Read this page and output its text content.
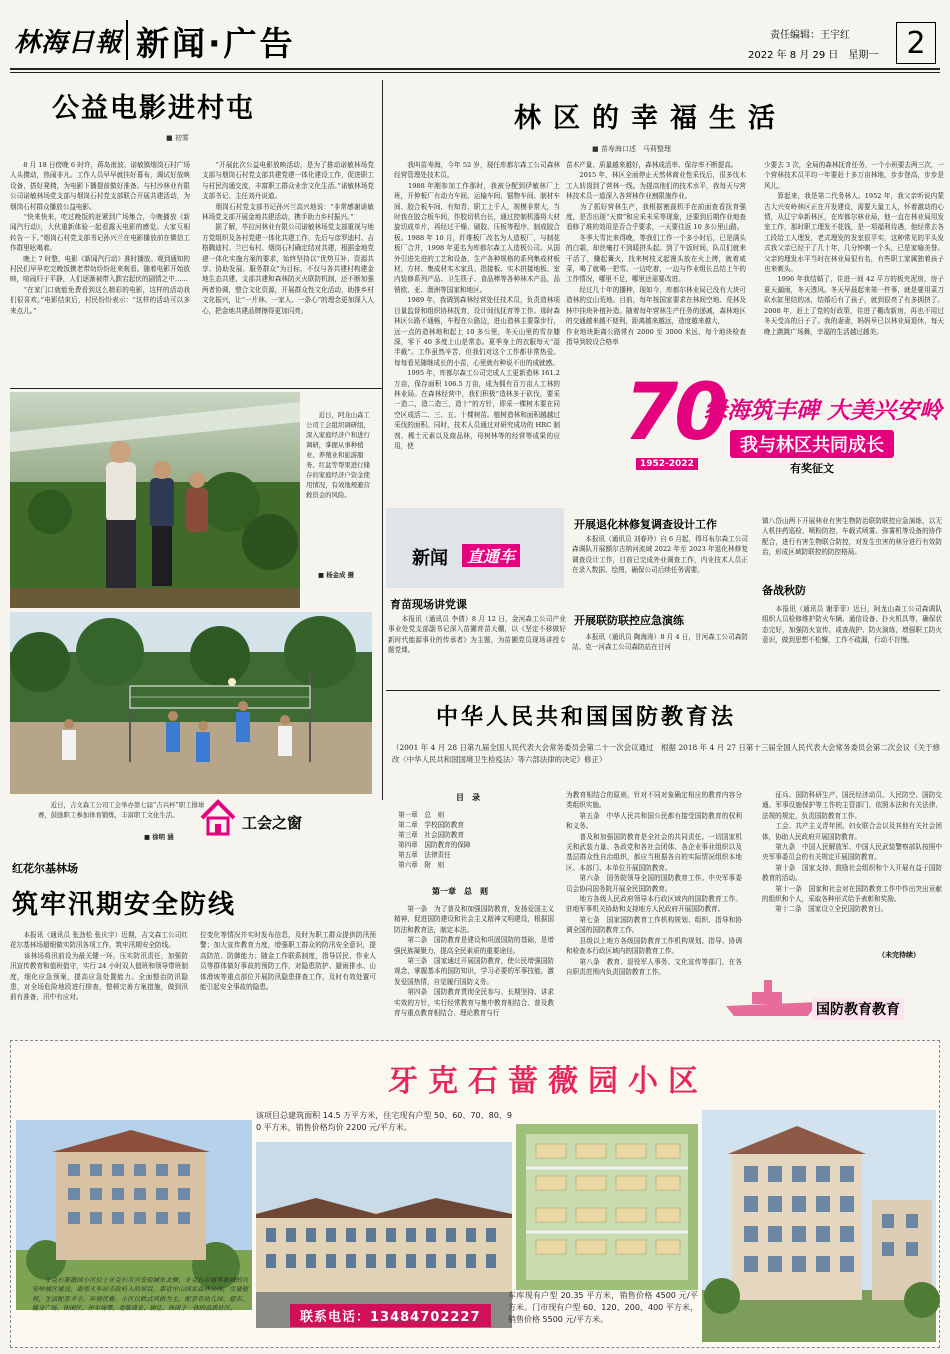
林海日報 新闻·广告	责任编辑：王宇红
2022 年 8 月 29 日　星期一 2
公益电影进村屯
■ 初雾
　　8 月 18 日傍晚 6 时许，蒋岛南波、诺敏镇烟岗石村广场人头攒动，热闹非凡。工作人员早早就挂好幕布，调试好放映设备，搭好凳椅，为电影下播提前做好准备。与村沙林业有限公司诺敏林场党支部与烟岗石村党支部联合开展共建活动，为烟岗石村群众播放公益电影。
　　“快来快来，吃过晚饭的赶紧到广场集合，今晚播放《新闻汽行动》，大伙重新体验一起看露天电影的感觉。大家互相转告一下。”烟岗石村党支部书记孙兴兰在电影播放前在微信工作群里吆喝着。
　　晚上 7 时整，电影《新闻汽行动》准时播放。观到通知的村民们早早吃完晚饭携老带幼纷纷赶来观看。随着电影开始放映，喧闹归于平静，人们逐渐被带入跌宕起伏的剧情之中……
　　“在家门口就能免费看到这么精彩的电影，这样的活动我们很喜欢。”电影结束后，村民纷纷表示：“这样的活动可以多来点儿。”
　　“开展此次公益电影放映活动，是为了推动诺敏林场党支部与烟岗石村党支部共建党建一体化建设工作，促进职工与村民沟通交流，丰富职工群众业余文化生活。”诺敏林场党支部书记、主任刘丹说道。
　　烟岗石村党支部书记孙兴兰高兴地说：“非常感谢诺敏林场党支部开展金地共建活动，携手助力乡村振兴。”
　　据了解，毕拉河林业有限公司诺敏林场党支部重视与地方党组织及各村党建一体化共建工作，先后与彦罗迪村、吉格腾迪村、兰巴布村、烟岗石村确定结对共建，根据金地党建一体化实施方案的要求，始终坚持以“优势互补、资源共享、协助发展、服务群众”为目标，不仅与各共建村构建金地生态共建、支部共建和森林防灭火联防机制，还不断加强两者协调，整合文化资源，开展群众性文化活动，助推乡村文化振兴，让“一片林、一家人、一条心”的理念更加深入人心，把金地共建品牌擦得更加闪亮。
林区的幸福生活
■ 苗寿海口述　马莉整理
　　我叫苗寿海，今年 52 岁，现任库都尔森工公司森林经营管理处技术员。
　　1988 年刚参加工作那时，我被分配到伊敏林厂上班，开伸板厂有动力车间、运输车间、锯物车间、制材车间、胶合板车间、有知青、职工上千人，规模非常大，当时我在胶合板车间，作胶切机台长，通过控制机器将大材旋切成单片，再经过干燥、刷胶、压板等程序，制成胶合板。1988 年 10 月，纤维板厂改名为人造板厂，与制花板厂合并，1998 年更名为库都尔森工人造板公司。从国外引进先进的工艺和设备，生产各种规格的系列集成材板材，方材、集成材实木家具、指接板、实木拼接地板、室内装修系列产品、卫生筷子、食品棒等各种林木产品，品销欧、亚、澳洲等国家和地区。
　　1989 年，我调到森林经营处任技术员，负责造林项目量监督和组织协林抚育，设计间伐抚育等工作。那时森林区公路不通畅，车程在公路边，进山造林主要靠步行，远一点的造林地和起上 10 多公里，冬天山里的雪存膝深，零下 40 多度上山是常态。夏季身上的衣服每天“湿半截”。工作虽然辛苦，但我们对这个工作都非常热爱。每每看见随继成长的小苗，心里就有种说不出的成就感。
　　1995 年，库都尔森工公司完成人工更新造林 161.2 万亩，保存面积 106.5 万亩，成为拥有百万亩人工林的林业局。在森林经营中，我们积极“造林多于砍伐，要采一造二，造二造三，造十”的方针，即采一棵树木要在同空区成活二、三、五、十棵树苗。植树造林和面积越越过采伐的面积。同时，技术人员通过对研究成功的 HRC 制剂、稀土元素以及商品林，母树林等的经营等成果的应用，使
苗木产量、质量越来越好，森林成活率、保存率不断提高。
　　2015 年，林区全面停止天然林商业性采伐后，很多伐木工人转岗到了营林一线。为提高他们的技术水平，我每天与营林技术员一道深入各营林作业割限施作业。
　　为了抓好营林生产，我根据割裁机手在前面查看抚育强度，是否出现“天窗”和应采未采等现象，还要到后期作业地查看修了堆的效用是否合乎要求，一天要往返 10 多公里山路。
　　冬季大雪比来得晚，等我们工作一个多小时后，已是满头的白霜，却丝毫打不到暖拼头起。到了午饭时间，队员们就来干活了，赚起篝火，找来树枝叉起馒头放在火上烤，就着咸菜，喝了就喝一把雪。一边吃着，一边与作业组长总结上午的工作情况，哪里不足，哪里还需要改进。
　　经过几十年的播种，现如今，库都尔林业局已没有大块可造林的宜山荒地。目前，每年按国家要求在林间空地、荒林及林中挂块补植补造。随着每年营林生产任务的递减，森林地区的交通越来越不便利，距离越来越远，造度越来越大，
作业地块距离公路常有 2000 至 3000 米远，每个地块检查指导到较设合格率
少要去 3 次，全局的森林抚育任务，一个小班要去两三次，一个营林技术员平均一年要赶十多万亩林地，步步登高，步步是风儿。
　　算起来，我是第二代务林人。1952 年，我父亲听说内蒙古大兴安岭林区正在开发建设，需要大量工人，怀着激动的心情，从辽宁阜新林区，在库都尔林业局，他一直在林业局用发室工作，那时职工理发不花钱，是一项福利待遇，他经常去各工段给工人理发，老式理发的发室很平实，这种常见的平头发式我父亲已经干了几十年，几分钟剃一个头，已是家喻美誉。父亲的理发水平当时在林业局很有名，有些职工家属独着孩子也来剃头。
　　1996 年我结婚了，住进一间 42 平方的板夹泥房，房子夏天漏雨，冬天透风。冬天早晨起来第一件事，就是要用菜刀砍水缸里结的冰，结婚后有了孩子，就到很亮了有多拥挤了。2008 年，赶上了党的好政策，住进了棚改新房，再也不用过冬天受冻的日子了。我的妻妻，妈妈早已以林业局退休，每天晚上跳跳广场舞，幸福的生活越过越美。
70
1952-2022
绿海筑丰碑 大美兴安岭
我与林区共同成长
有奖征文
　　近日，阿龙山森工公司工会组织调研组，深入家庭经济户和进行调研，掌握从事种植业、养殖业和旅游服务、红盆等帮果进行储存的家庭经济户资金使用情况，有效地规避营救资金的风险。
■ 杨金成 摄
　　近日，吉文森工公司工会举办第七届“吉兴杯”职工排球赛，鼓励职工参加体育锻炼，丰富职工文化生活。
■ 徐明 涵
工会之窗
新闻	直通车
育苗现场讲党课
　　本报讯（通讯员 李倩）8 月 12 日，金河森工公司产业事业处党支部副书记深入苗圃育苗大棚，以《坚定不移做好新时代能源事业的传承者》为主题，为苗圃党员现场讲授专题党课。
开展退化林修复调查设计工作
　　本报讯（通讯员 刘春玲）自 6 月起，得耳布尔森工公司森调队开展额尔古纳河流域 2022 年至 2023 年退化林修复调查设计工作，目前已完成外业调查工作，内业技术人员正在录入数据、绘图，确保公司后续任务需要。
开展联防联控应急演练
　　本报讯（通讯员 陶海涛）8 月 4 日，甘河森工公司森防站、克一河森工公司森防站在甘河
镇八岱山两下开展林业有害生物防治联防联控应急演练，以无人机挂药巡检、喷粉防控、车载式喷雾、弥雾机等设备的协作配合，进行有害生物联合防控，对发生虫害的林分进行有效防治，形成区域防联控的防控格局。
备战秋防
　　本报讯（通讯员 谢菲菲）近日，阿龙山森工公司森调队组织人员检修维护防火车辆、通信设备、扑火机具等，确保状态完好，加强防火宣传，成查战护、防火演练，增强职工防火意识，做到思想不松懈，工作不疏漏，行动不盲慢。
中华人民共和国国防教育法
（2001 年 4 月 28 日第九届全国人民代表大会常务委员会第二十一次会议通过　根据 2018 年 4 月 27 日第十三届全国人民代表大会常务委员会第二次会议《关于修改〈中华人民共和国国境卫生检疫法〉等六部法律的决定》修正）
目　录
第一章　总　则
第二章　学校国防教育
第三章　社会国防教育
第四章　国防教育的保障
第五章　法律责任
第六章　附　则
第一章　总　则
　　第一条　为了普及和加强国防教育，发扬爱国主义精神，促进国防建设和社会主义精神文明建设，根据国防法和教育法，制定本法。
　　第二条　国防教育是建设和巩固国防的基础，是增强民族凝聚力，提高全民素质的重要途径。
　　第三条　国家通过开展国防教育，使公民增强国防观念，掌握基本的国防知识，学习必要的军事技能，激发爱国热情，自觉履行国防义务。
　　第四条　国防教育贯彻全民参与、长期坚持、讲求实效的方针，实行经常教育与集中教育相结合、普及教育与重点教育相结合、理论教育与行
为教育相结合的原则，针对不同对象确定相应的教育内容分类组织实施。
　　第五条　中华人民共和国公民都有接受国防教育的权利和义务。
　　普及和加强国防教育是全社会的共同责任。一切国家机关和武装力量、各政党和各社会团体、各企业事业组织以及基层群众性自治组织，都应当根据各自的实际情况组织本地区、本部门、本单位开展国防教育。
　　第六条　国务院领导全国的国防教育工作。中央军事委员会协同国务院开展全民国防教育。
　　地方各级人民政府领导本行政区域内的国防教育工作。驻地军事机关协助和支持地方人民政府开展国防教育。
　　第七条　国家国防教育工作机构规划、组织、指导和协调全国的国防教育工作。
　　县级以上地方各级国防教育工作机构规划、指导、协调和检查本行政区域内的国防教育工作。
　　第八条　教育、退役军人事务、文化宣传等部门，在各自职责范围内负责国防教育工作。
　　征兵、国防科研生产、国民经济动员、人民防空、国防交通、军事设施保护等工作的主管部门，依照本法和有关法律、法规的规定，负责国防教育工作。
　　工会、共产主义青年团、妇女联合会以及其他有关社会团体，协助人民政府开展国防教育。
　　第九条　中国人民解放军、中国人民武装警察部队按照中央军事委员会的有关规定开展国防教育。
　　第十条　国家支持、鼓励社会组织和个人开展有益于国防教育的活动。
　　第十一条　国家和社会对在国防教育工作中作出突出贡献的组织和个人，采取各种形式给予表彰和奖励。
　　第十二条　国家设立全民国防教育日。
（未完待续）
国防教育教育
红花尔基林场
筑牢汛期安全防线
　　本报讯（通讯员 张劲松 张庆宇）近期，吉文森工公司红花尔基林场超细做实防汛各项工作，筑牢汛期安全防线。
　　该林场将汛前设为最关键一环，压实防汛责任，加强防汛宣传教育和值班值守，实行 24 小时双人值班和领导带班制度，细化应急预案，提高应急处置能力。全面整治防汛隐患，对全场危险地段进行排查，整顿完善方案措施，做到汛前有准备，汛中有应对。
位变化等情况并实时发布信息，及时为职工群众提供防汛预警；加大宣传教育力度，增强职工群众的防汛安全意识，提高防范、防御能力；随金工作联系制度，指导居民、作业人员等群体做好事故的预防工作，对隐患防护、避雨排水、山体滑坡等重点部位开展防汛隐患排查工作，及时有效处置可能引起安全事故的隐患。
牙克石蔷薇园小区
该项目总建筑面积 14.5 万平方米，住宅现有户型 50、60、70、80、90 平方米，销售价格均价 2200 元/平方米。
联系电话：13484702227
车库现有户型 20.35 平方米，销售价格 4500 元/平方米。门市现有户型 60、120、200、400 平方米，销售价格 5500 元/平方米。
　　牙克石蔷薇园小区位于牙克石市兴安街城东北侧，牙克石市城零新城的兴安岭城区建设，南邻火车站市政府入的项目，靠近中山国家森林公园，交通便利，生活配套齐全，环境优雅。小区以欧式风格为主，配套有幼儿园、超市、健身广场、休闲区、停车场等，是集商业、居住、休闲于一体的品质社区。
